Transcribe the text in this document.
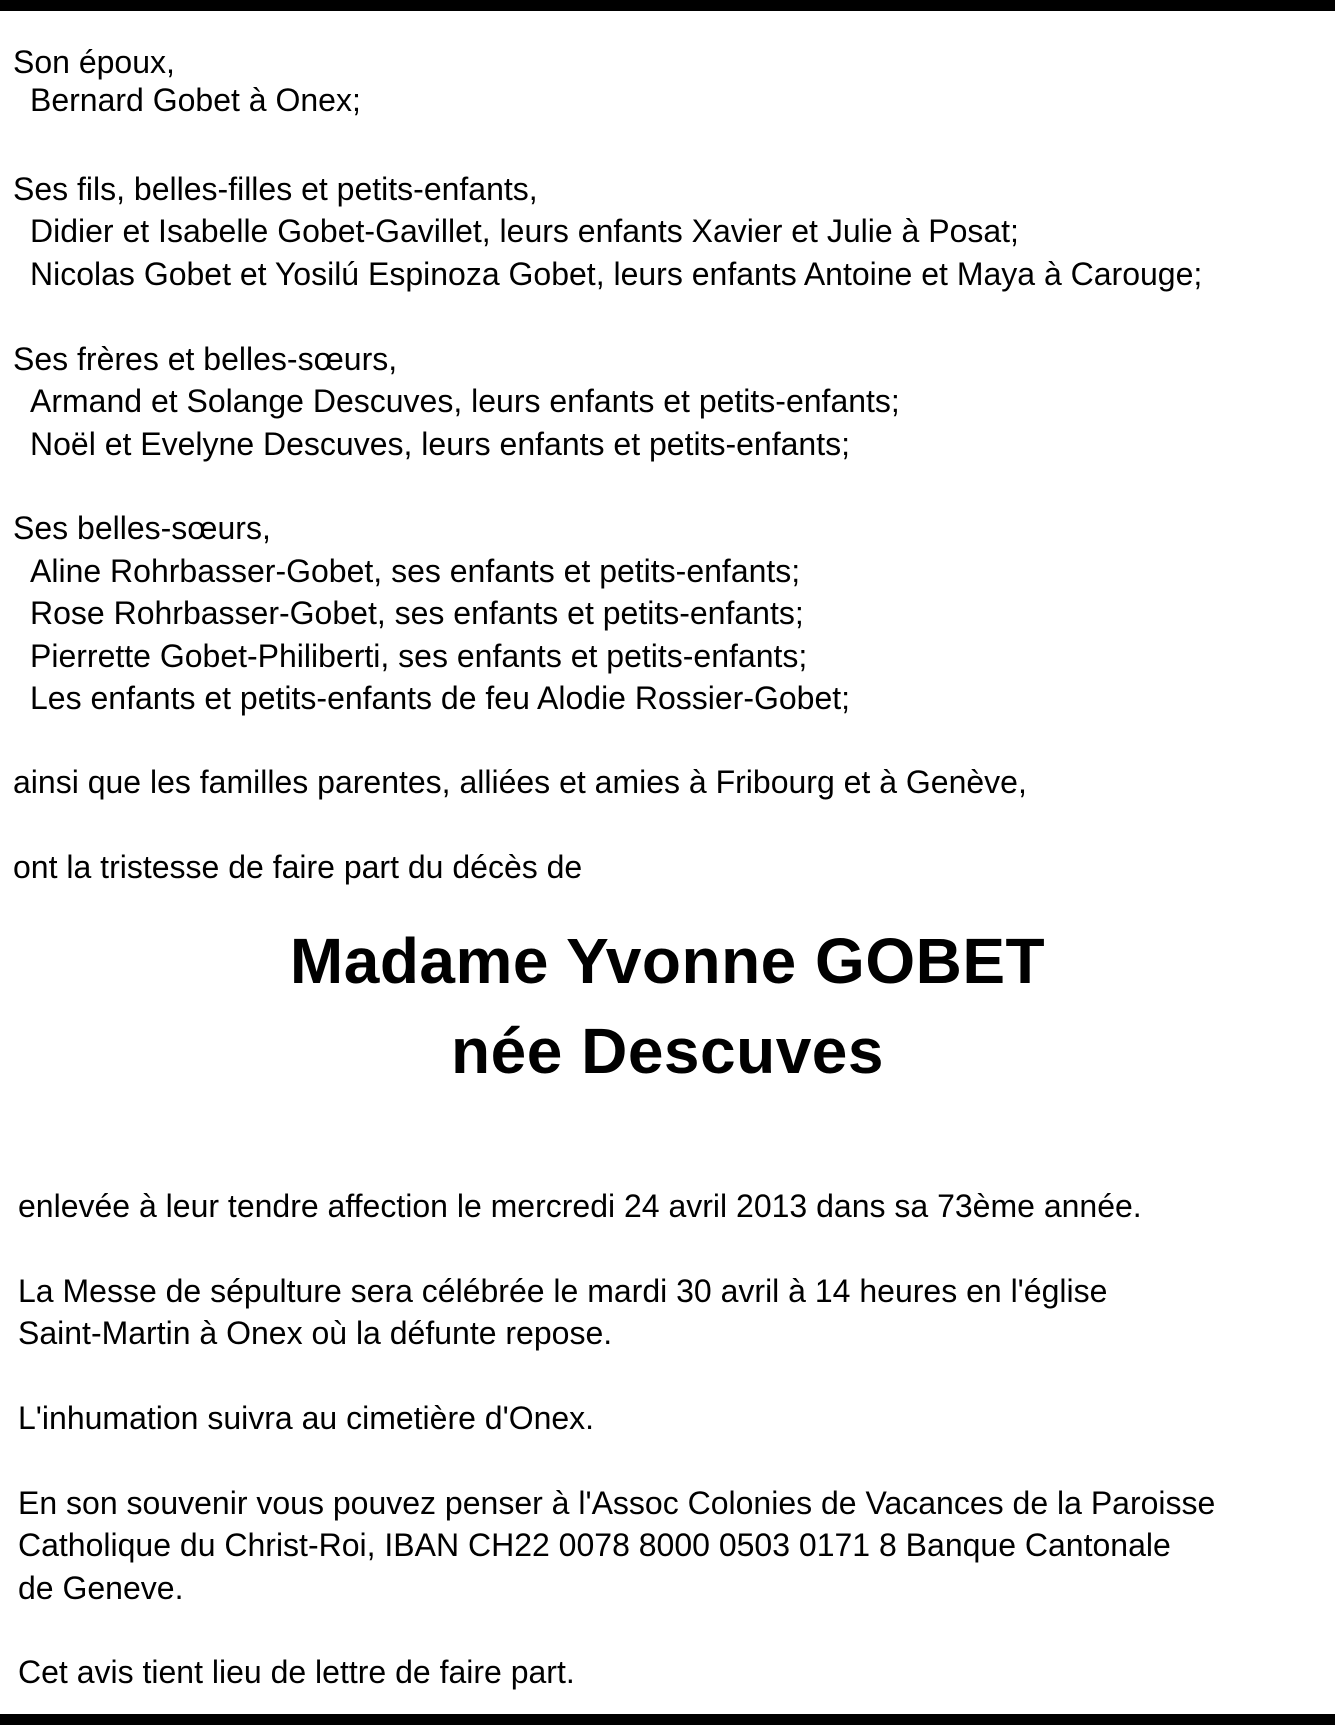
Son époux,
Bernard Gobet à Onex;
Ses fils, belles-filles et petits-enfants,
Didier et Isabelle Gobet-Gavillet, leurs enfants Xavier et Julie à Posat;
Nicolas Gobet et Yosilú Espinoza Gobet, leurs enfants Antoine et Maya à Carouge;
Ses frères et belles-sœurs,
Armand et Solange Descuves, leurs enfants et petits-enfants;
Noël et Evelyne Descuves, leurs enfants et petits-enfants;
Ses belles-sœurs,
Aline Rohrbasser-Gobet, ses enfants et petits-enfants;
Rose Rohrbasser-Gobet, ses enfants et petits-enfants;
Pierrette Gobet-Philiberti, ses enfants et petits-enfants;
Les enfants et petits-enfants de feu Alodie Rossier-Gobet;
ainsi que les familles parentes, alliées et amies à Fribourg et à Genève,
ont la tristesse de faire part du décès de
Madame Yvonne GOBET
née Descuves
enlevée à leur tendre affection le mercredi 24 avril 2013 dans sa 73ème année.
La Messe de sépulture sera célébrée le mardi 30 avril à 14 heures en l'église
Saint-Martin à Onex où la défunte repose.
L'inhumation suivra au cimetière d'Onex.
En son souvenir vous pouvez penser à l'Assoc Colonies de Vacances de la Paroisse
Catholique du Christ-Roi, IBAN CH22 0078 8000 0503 0171 8 Banque Cantonale
de Geneve.
Cet avis tient lieu de lettre de faire part.
